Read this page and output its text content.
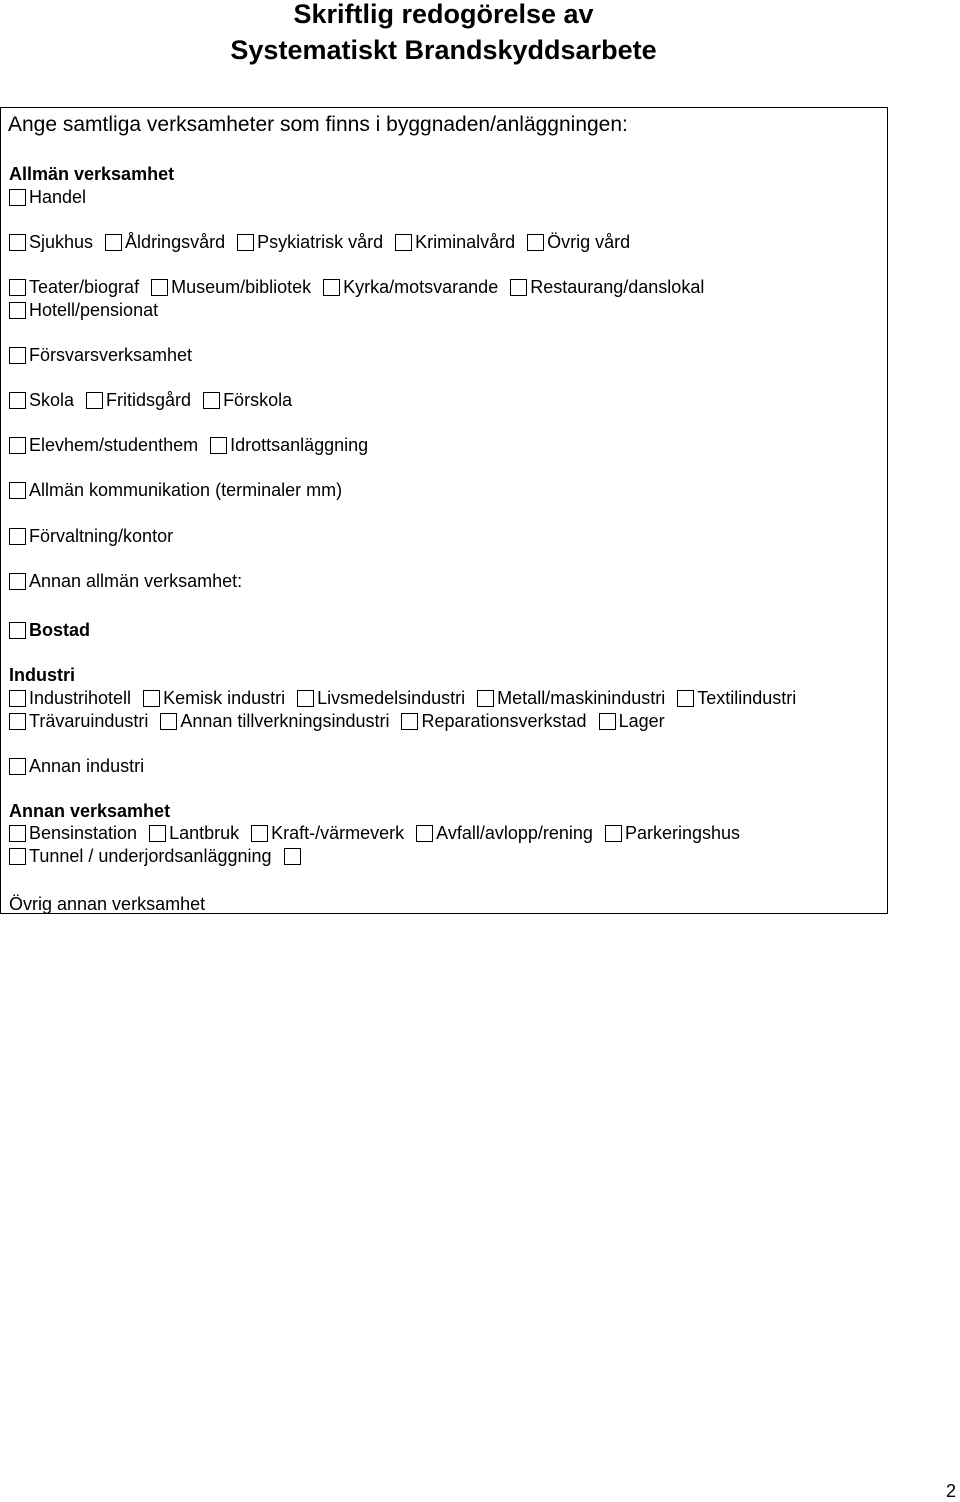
Skriftlig redogörelse av
Systematiskt Brandskyddsarbete
Ange samtliga verksamheter som finns i byggnaden/anläggningen:
Allmän verksamhet
Handel
Sjukhus Åldringsvård Psykiatrisk vård Kriminalvård Övrig vård
Teater/biograf Museum/bibliotek Kyrka/motsvarande Restaurang/danslokal
Hotell/pensionat
Försvarsverksamhet
Skola Fritidsgård Förskola
Elevhem/studenthem Idrottsanläggning
Allmän kommunikation (terminaler mm)
Förvaltning/kontor
Annan allmän verksamhet:
Bostad
Industri
Industrihotell Kemisk industri Livsmedelsindustri Metall/maskinindustri Textilindustri
Trävaruindustri Annan tillverkningsindustri Reparationsverkstad Lager
Annan industri
Annan verksamhet
Bensinstation Lantbruk Kraft-/värmeverk Avfall/avlopp/rening Parkeringshus
Tunnel / underjordsanläggning
Övrig annan verksamhet
2
